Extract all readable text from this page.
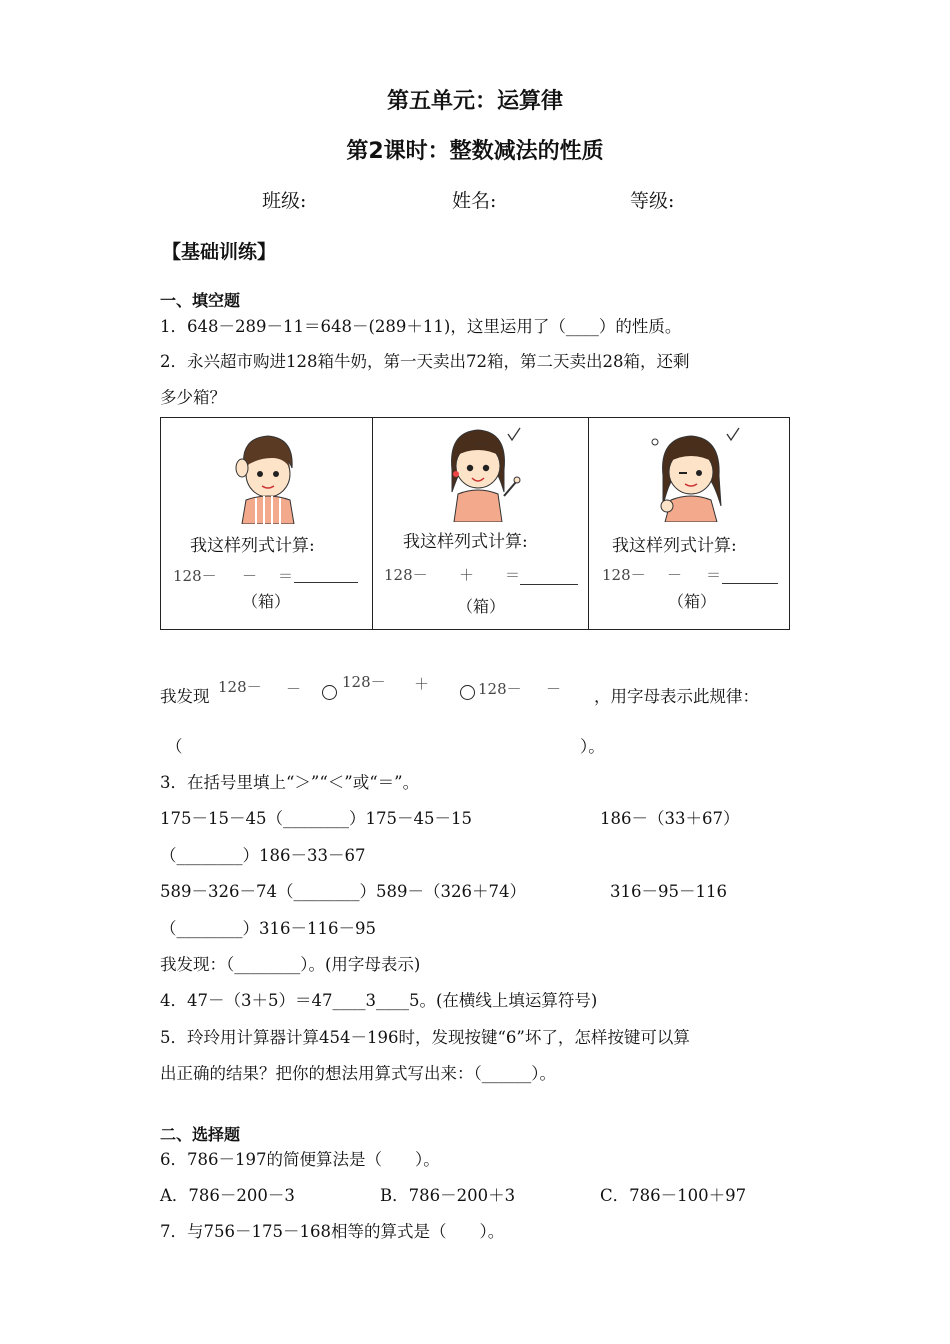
第五单元：运算律
第2课时：整数减法的性质
班级:	姓名:	等级:
【基础训练】
一、填空题
1．648－289－11＝648－(289＋11)，这里运用了（____）的性质。
2．永兴超市购进128箱牛奶，第一天卖出72箱，第二天卖出28箱，还剩
多少箱？
我这样列式计算:
128－ － ＝
（箱）
我这样列式计算:
128－ ＋ ＝
（箱）
我这样列式计算:
128－ － ＝
（箱）
我发现 128－ －	128－ ＋	128－ － ，用字母表示此规律：
（	）。
3．在括号里填上“＞”“＜”或“＝”。
175－15－45（________）175－45－15	186－（33＋67）
（________）186－33－67
589－326－74（________）589－（326＋74）	316－95－116
（________）316－116－95
我发现：（________）。(用字母表示)
4．47－（3＋5）＝47____3____5。(在横线上填运算符号)
5．玲玲用计算器计算454－196时，发现按键“6”坏了，怎样按键可以算
出正确的结果？把你的想法用算式写出来：（______）。
二、选择题
6．786－197的简便算法是（　　）。
A．786－200－3	B．786－200＋3	C．786－100＋97
7．与756－175－168相等的算式是（　　）。
